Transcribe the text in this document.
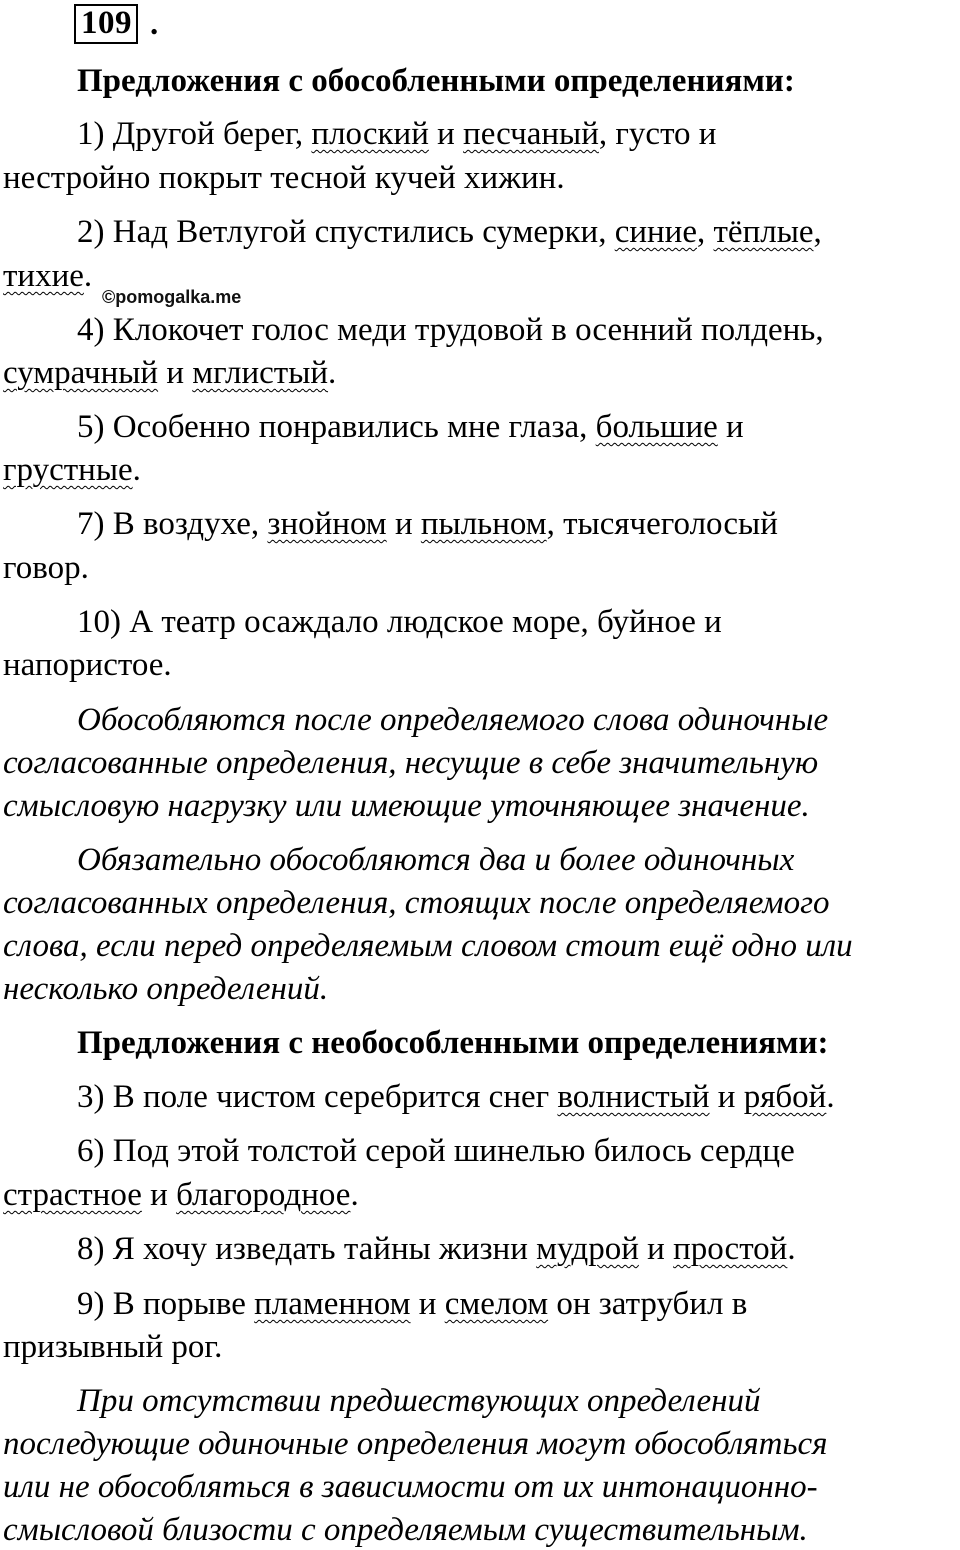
109 .
Предложения с обособленными определениями:
1) Другой берег, плоский и песчаный, густо и
нестройно покрыт тесной кучей хижин.
2) Над Ветлугой спустились сумерки, синие, тёплые,
тихие.
©pomogalka.me
4) Клокочет голос меди трудовой в осенний полдень,
сумрачный и мглистый.
5) Особенно понравились мне глаза, большие и
грустные.
7) В воздухе, знойном и пыльном, тысячеголосый
говор.
10) А театр осаждало людское море, буйное и
напористое.
Обособляются после определяемого слова одиночные
согласованные определения, несущие в себе значительную
смысловую нагрузку или имеющие уточняющее значение.
Обязательно обособляются два и более одиночных
согласованных определения, стоящих после определяемого
слова, если перед определяемым словом стоит ещё одно или
несколько определений.
Предложения с необособленными определениями:
3) В поле чистом серебрится снег волнистый и рябой.
6) Под этой толстой серой шинелью билось сердце
страстное и благородное.
8) Я хочу изведать тайны жизни мудрой и простой.
9) В порыве пламенном и смелом он затрубил в
призывный рог.
При отсутствии предшествующих определений
последующие одиночные определения могут обособляться
или не обособляться в зависимости от их интонационно-
смысловой близости с определяемым существительным.
